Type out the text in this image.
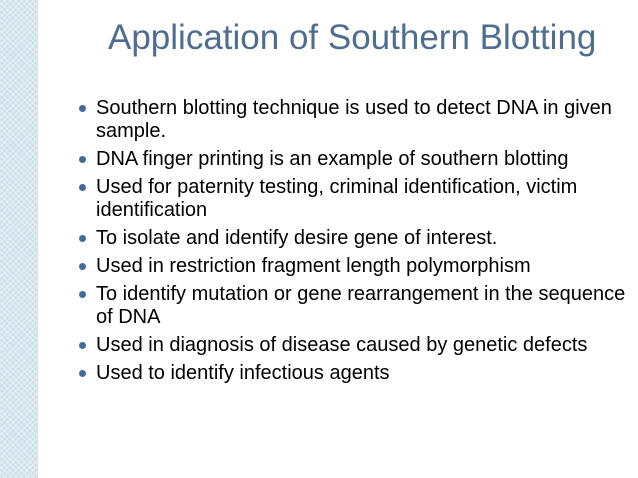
Application of Southern Blotting
Southern blotting technique is used to detect DNA in given sample.
DNA finger printing is an example of southern blotting
Used for paternity testing, criminal identification, victim identification
To isolate and identify desire gene of interest.
Used in restriction fragment length polymorphism
To identify mutation or gene rearrangement in the sequence of DNA
Used in diagnosis of disease caused by genetic defects
Used to identify infectious agents
